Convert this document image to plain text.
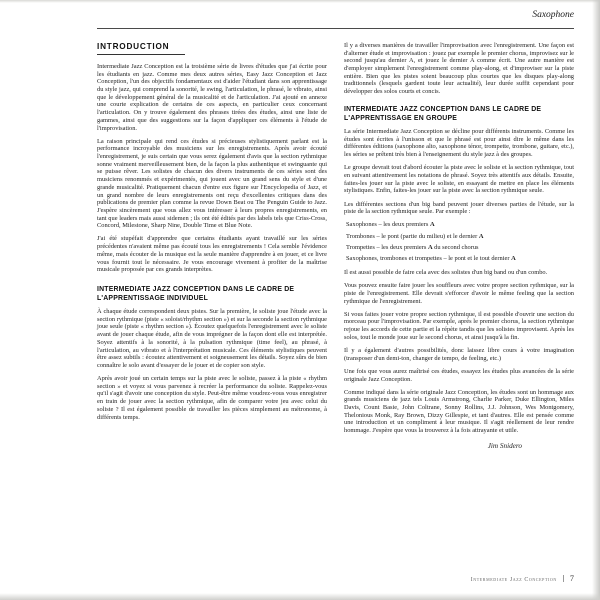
Saxophone
INTRODUCTION

Intermediate Jazz Conception est la troisième série de livres d'études que j'ai écrite pour les étudiants en jazz. Comme mes deux autres séries, Easy Jazz Conception et Jazz Conception, l'un des objectifs fondamentaux est d'aider l'étudiant dans son apprentissage du style jazz, qui comprend la sonorité, le swing, l'articulation, le phrasé, le vibrato, ainsi que le développement général de la musicalité et de l'articulation. J'ai ajouté en annexe une courte explication de certains de ces aspects, en particulier ceux concernant l'articulation. On y trouve également des phrases tirées des études, ainsi une liste de gammes, ainsi que des suggestions sur la façon d'appliquer ces éléments à l'étude de l'improvisation.

La raison principale qui rend ces études si précieuses stylistiquement parlant est la performance incroyable des musiciens sur les enregistrements. Après avoir écouté l'enregistrement, je suis certain que vous serez également d'avis que la section rythmique sonne vraiment merveilleusement bien, de la façon la plus authentique et swinguante qui se puisse rêver. Les solistes de chacun des divers instruments de ces séries sont des musiciens renommés et expérimentés, qui jouent avec un grand sens du style et d'une grande musicalité. Pratiquement chacun d'entre eux figure sur l'Encyclopedia of Jazz, et un grand nombre de leurs enregistrements ont reçu d'excellentes critiques dans des publications de premier plan comme la revue Down Beat ou The Penguin Guide to Jazz. J'espère sincèrement que vous allez vous intéresser à leurs propres enregistrements, en tant que leaders mais aussi sidemen ; ils ont été édités par des labels tels que Criss-Cross, Concord, Milestone, Sharp Nine, Double Time et Blue Note.

J'ai été stupéfait d'apprendre que certains étudiants ayant travaillé sur les séries précédentes n'avaient même pas écouté tous les enregistrements ! Cela semble l'évidence même, mais écouter de la musique est la seule manière d'apprendre à en jouer, et ce livre vous fournit tout le nécessaire. Je vous encourage vivement à profiter de la maîtrise musicale proposée par ces grands interprètes.

INTERMEDIATE JAZZ CONCEPTION DANS LE CADRE DE L'APPRENTISSAGE INDIVIDUEL

À chaque étude correspondent deux pistes. Sur la première, le soliste joue l'étude avec la section rythmique (piste « soloist/rhythm section ») et sur la seconde la section rythmique joue seule (piste « rhythm section »). Écoutez quelquefois l'enregistrement avec le soliste avant de jouer chaque étude, afin de vous imprégner de la façon dont elle est interprétée. Soyez attentifs à la sonorité, à la pulsation rythmique (time feel), au phrasé, à l'articulation, au vibrato et à l'interprétation musicale. Ces éléments stylistiques peuvent être assez subtils : écoutez attentivement et soigneusement les détails. Soyez sûrs de bien connaître le solo avant d'essayer de le jouer et de copier son style.

Après avoir joué un certain temps sur la piste avec le soliste, passez à la piste « rhythm section » et voyez si vous parvenez à recréer la performance du soliste. Rappelez-vous qu'il s'agit d'avoir une conception du style. Peut-être même voudrez-vous vous enregistrer en train de jouer avec la section rythmique, afin de comparer votre jeu avec celui du soliste ? Il est également possible de travailler les pièces simplement au métronome, à différents temps.

Il y a diverses manières de travailler l'improvisation avec l'enregistrement. Une façon est d'alterner étude et improvisation : jouez par exemple le premier chorus, improvisez sur le second jusqu'au dernier A, et jouez le dernier A comme écrit. Une autre manière est d'employer simplement l'enregistrement comme play-along, et d'improviser sur la piste entière. Bien que les pistes soient beaucoup plus courtes que les disques play-along traditionnels (lesquels gardent toute leur actualité), leur durée suffit cependant pour développer des solos courts et concis.

INTERMEDIATE JAZZ CONCEPTION DANS LE CADRE DE L'APPRENTISSAGE EN GROUPE

La série Intermediate Jazz Conception se décline pour différents instruments. Comme les études sont écrites à l'unisson et que le phrasé est pour ainsi dire le même dans les différentes éditions (saxophone alto, saxophone ténor, trompette, trombone, guitare, etc.), les séries se prêtent très bien à l'enseignement du style jazz à des groupes.

Le groupe devrait tout d'abord écouter la piste avec le soliste et la section rythmique, tout en suivant attentivement les notations de phrasé. Soyez très attentifs aux détails. Ensuite, faites-les jouer sur la piste avec le soliste, en essayant de mettre en place les éléments stylistiques. Enfin, faites-les jouer sur la piste avec la section rythmique seule.

Les différentes sections d'un big band peuvent jouer diverses parties de l'étude, sur la piste de la section rythmique seule. Par exemple :

Saxophones – les deux premiers A
Trombones – le pont (partie du milieu) et le dernier A
Trompettes – les deux premiers A du second chorus
Saxophones, trombones et trompettes – le pont et le tout dernier A

Il est aussi possible de faire cela avec des solistes d'un big band ou d'un combo.

Vous pouvez ensuite faire jouer les souffleurs avec votre propre section rythmique, sur la piste de l'enregistrement. Elle devrait s'efforcer d'avoir le même feeling que la section rythmique de l'enregistrement.

Si vous faites jouer votre propre section rythmique, il est possible d'ouvrir une section du morceau pour l'improvisation. Par exemple, après le premier chorus, la section rythmique rejoue les accords de cette partie et la répète tandis que les solistes improvisent. Après les solos, tout le monde joue sur le second chorus, et ainsi jusqu'à la fin.

Il y a également d'autres possibilités, donc laissez libre cours à votre imagination (transposer d'un demi-ton, changer de tempo, de feeling, etc.)

Une fois que vous aurez maîtrisé ces études, essayez les études plus avancées de la série originale Jazz Conception.

Comme indiqué dans la série originale Jazz Conception, les études sont un hommage aux grands musiciens de jazz tels Louis Armstrong, Charlie Parker, Duke Ellington, Miles Davis, Count Basie, John Coltrane, Sonny Rollins, J.J. Johnson, Wes Montgomery, Thelonious Monk, Ray Brown, Dizzy Gillespie, et tant d'autres. Elle est pensée comme une introduction et un compliment à leur musique. Il s'agit réellement de leur rendre hommage. J'espère que vous la trouverez à la fois attrayante et utile.

Jim Snidero
Intermediate Jazz Conception 7
